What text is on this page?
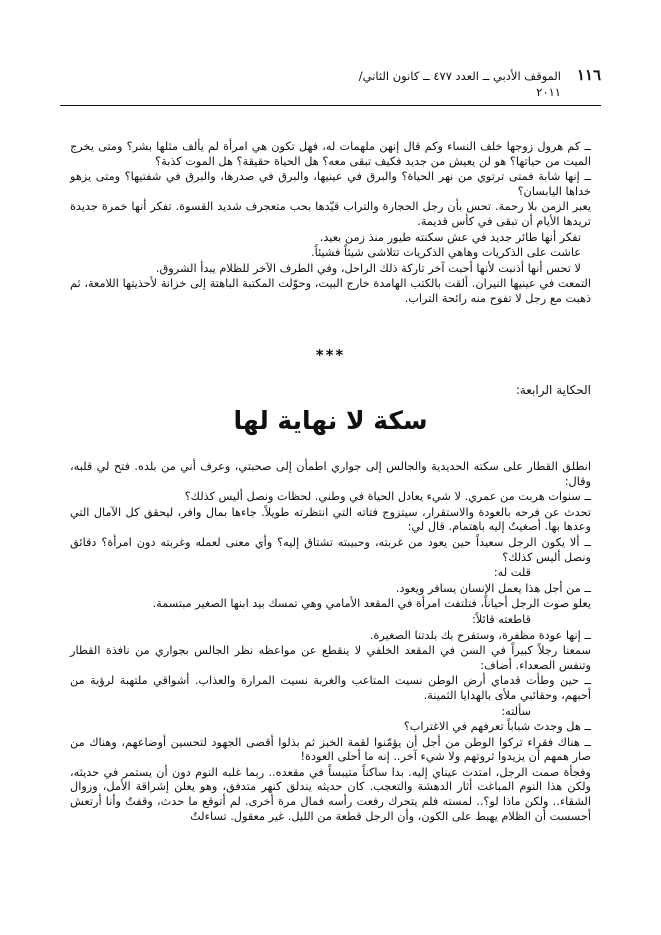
١١٦
الموقف الأدبي ــ العدد ٤٧٧ ــ كانون الثاني/
٢٠١١

ــ كم هرول زوجها خلف النساء وكم قال إنهن ملهمات له، فهل تكون هي امرأة لم يألف مثلها بشر؟ ومتى يخرج الميت من حياتها؟ هو لن يعيش من جديد فكيف تبقى معه؟ هل الحياة حقيقة؟ هل الموت كذبة؟

ــ إنها شابة فمتى ترتوي من نهر الحياة؟ والبرق في عينيها، والبرق في صدرها، والبرق في شفتيها؟ ومتى يزهو خداها اليابسان؟

يعبر الزمن بلا رحمة. تحس بأن رجل الحجارة والتراب قيّدها بحب متعجرف شديد القسوة. تفكر أنها خمرة جديدة تريدها الأيام أن تبقى في كأس قديمة.

تفكر أنها طائر جديد في عش سكنته طيور منذ زمن بعيد.

عاشت على الذكريات وهاهي الذكريات تتلاشى شيئاً فشيئاً.

لا تحس أنها أذنبت لأنها أحبت آخر تاركة ذلك الراحل، وفي الطرف الآخر للظلام يبدأ الشروق.

التمعت في عينيها النيران. ألقت بالكتب الهامدة خارج البيت، وحوّلت المكتبة الباهتة إلى خزانة لأحذيتها اللامعة، ثم ذهبت مع رجل لا تفوح منه رائحة التراب.

***
الحكاية الرابعة:
سكة لا نهاية لها

انطلق القطار على سكته الحديدية والجالس إلى جواري اطمأن إلى صحبتي، وعرف أني من بلده. فتح لي قلبه، وقال:

ــ سنوات هربت من عمري. لا شيء يعادل الحياة في وطني. لحظات ونصل أليس كذلك؟

تحدث عن فرحه بالعودة والاستقرار، سيتزوج فتاته التي انتظرته طويلاً. جاءها بمال وافر، ليحقق كل الآمال التي وعدها بها. أصغيتُ إليه باهتمام. قال لي:

ــ ألا يكون الرجل سعيداً حين يعود من غربته، وحبيبته تشتاق إليه؟ وأي معنى لعمله وغربته دون امرأة؟ دقائق ونصل أليس كذلك؟

قلت له:

ــ من أجل هذا يعمل الإنسان يسافر ويعود.

يعلو صوت الرجل أحياناً، فتلتفت امرأة في المقعد الأمامي وهي تمسك بيد ابنها الصغير مبتسمة.

قاطعته قائلاً:

ــ إنها عودة مظفرة، وستفرح بك بلدتنا الصغيرة.

سمعنا رجلاً كبيراً في السن في المقعد الخلفي لا ينقطع عن مواعظه نظر الجالس بجواري من نافذة القطار وتنفس الصعداء. أضاف:

ــ حين وطأت قدماي أرض الوطن نسيت المتاعب والغربة نسيت المرارة والعذاب. أشواقي ملتهبة لرؤية من أحبهم، وحقائبي ملأى بالهدايا الثمينة.

سألته:

ــ هل وجدتَ شباباً تعرفهم في الاغتراب؟

ــ هناك فقراء تركوا الوطن من أجل أن يؤمّنوا لقمة الخبز ثم بذلوا أقصى الجهود لتحسين أوضاعهم، وهناك من صار همهم أن يزيدوا ثروتهم ولا شيء آخر.. إنه ما أحلى العودة!

وفجأة صمت الرجل، امتدت عيناي إليه. بدا ساكناً متيبساً في مقعده.. ربما غلبه النوم دون أن يستمر في حديثه، ولكن هذا النوم المباغت أثار الدهشة والتعجب. كان حديثه يندلق كنهر متدفق، وهو يعلن إشراقة الأمل، وزوال الشقاء.. ولكن ماذا لو؟.. لمسته فلم يتحرك رفعت رأسه فمال مرة أخرى. لم أتوقع ما حدث، وقفتُ وأنا أرتعش أحسست أن الظلام يهبط على الكون، وأن الرجل قطعة من الليل. غير معقول. تساءلتُ
